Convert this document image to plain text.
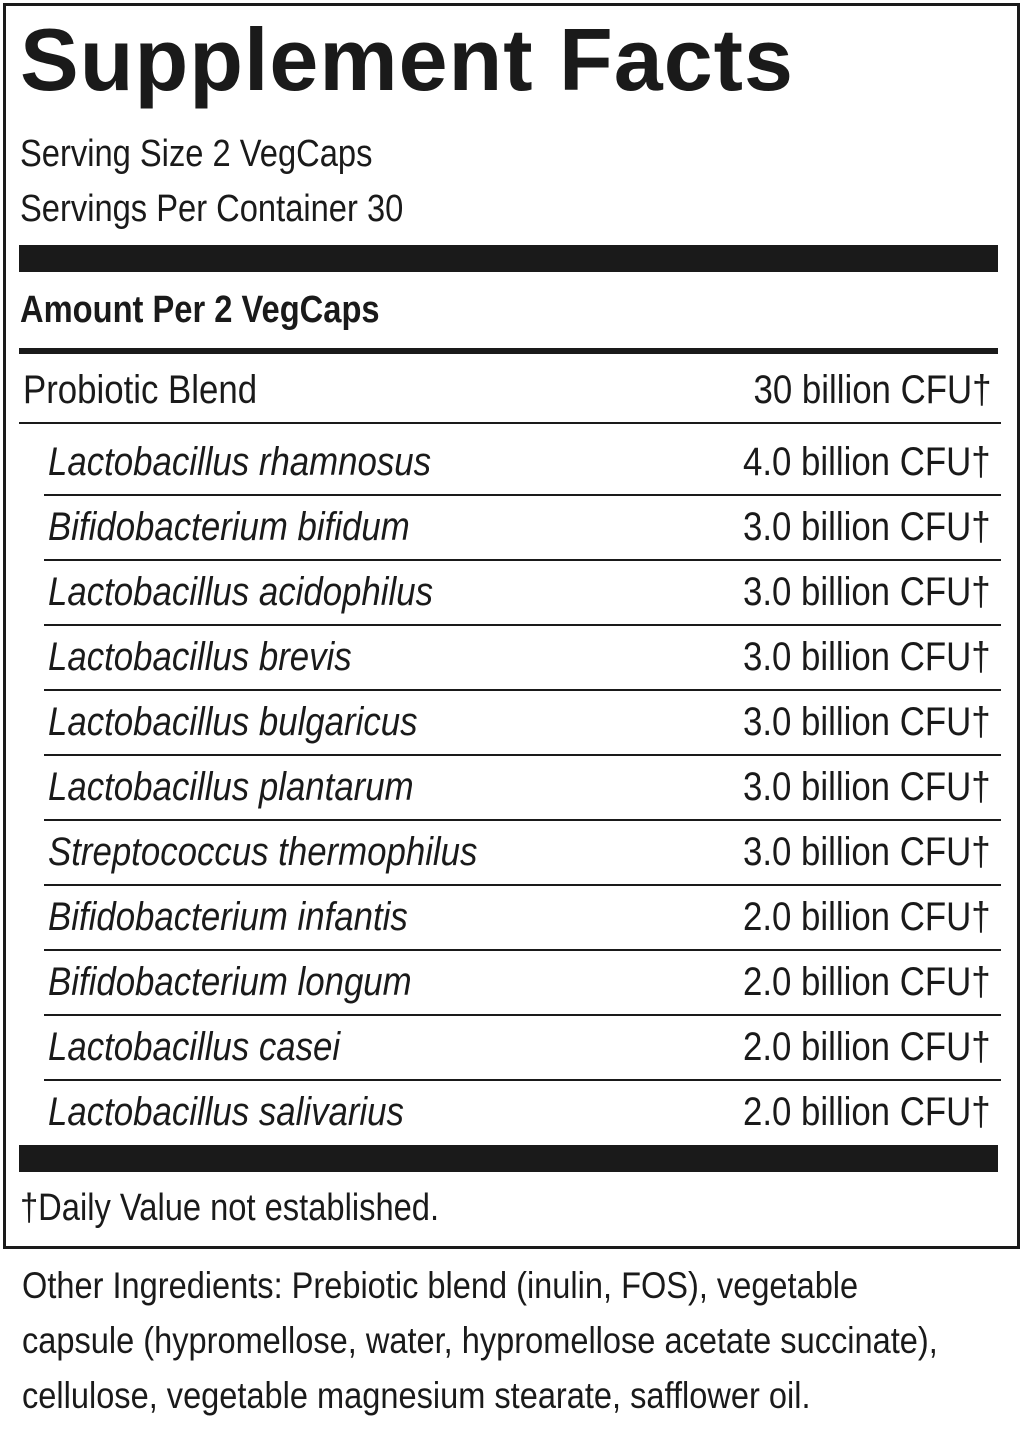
Supplement Facts
Serving Size 2 VegCaps
Servings Per Container 30
Amount Per 2 VegCaps
Probiotic Blend	30 billion CFU†
Lactobacillus rhamnosus	4.0 billion CFU†
Bifidobacterium bifidum	3.0 billion CFU†
Lactobacillus acidophilus	3.0 billion CFU†
Lactobacillus brevis	3.0 billion CFU†
Lactobacillus bulgaricus	3.0 billion CFU†
Lactobacillus plantarum	3.0 billion CFU†
Streptococcus thermophilus	3.0 billion CFU†
Bifidobacterium infantis	2.0 billion CFU†
Bifidobacterium longum	2.0 billion CFU†
Lactobacillus casei	2.0 billion CFU†
Lactobacillus salivarius	2.0 billion CFU†
†Daily Value not established.
Other Ingredients: Prebiotic blend (inulin, FOS), vegetable
capsule (hypromellose, water, hypromellose acetate succinate),
cellulose, vegetable magnesium stearate, safflower oil.
